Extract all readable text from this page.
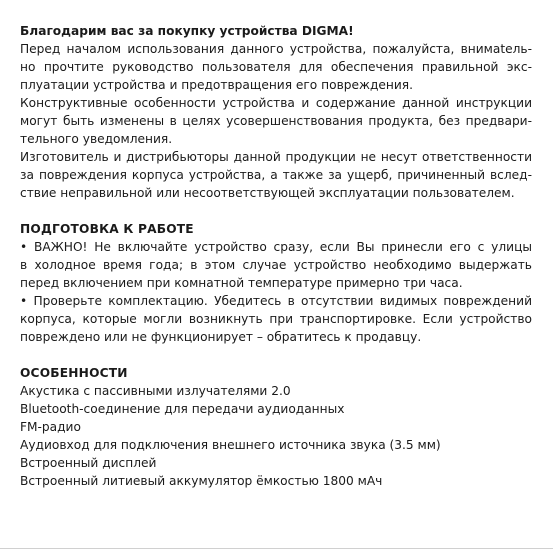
Благодарим вас за покупку устройства DIGMA!
Перед началом использования данного устройства, пожалуйста, внимatель-
но прочтите руководство пользователя для обеспечения правильной экс-
плуатации устройства и предотвращения его повреждения.
Конструктивные особенности устройства и содержание данной инструкции
могут быть изменены в целях усовершенствования продукта, без предвари-
тельного уведомления.
Изготовитель и дистрибьюторы данной продукции не несут ответственности
за повреждения корпуса устройства, а также за ущерб, причиненный вслед-
ствие неправильной или несоответствующей эксплуатации пользователем.
ПОДГОТОВКА К РАБОТЕ
• ВАЖНО! Не включайте устройство сразу, если Вы принесли его с улицы
в холодное время года; в этом случае устройство необходимо выдержать
перед включением при комнатной температуре примерно три часа.
• Проверьте комплектацию. Убедитесь в отсутствии видимых повреждений
корпуса, которые могли возникнуть при транспортировке. Если устройство
повреждено или не функционирует – обратитесь к продавцу.
ОСОБЕННОСТИ
Акустика с пассивными излучателями 2.0
Bluetooth-соединение для передачи аудиоданных
FM-радио
Аудиовход для подключения внешнего источника звука (3.5 мм)
Встроенный дисплей
Встроенный литиевый аккумулятор ёмкостью 1800 мАч
